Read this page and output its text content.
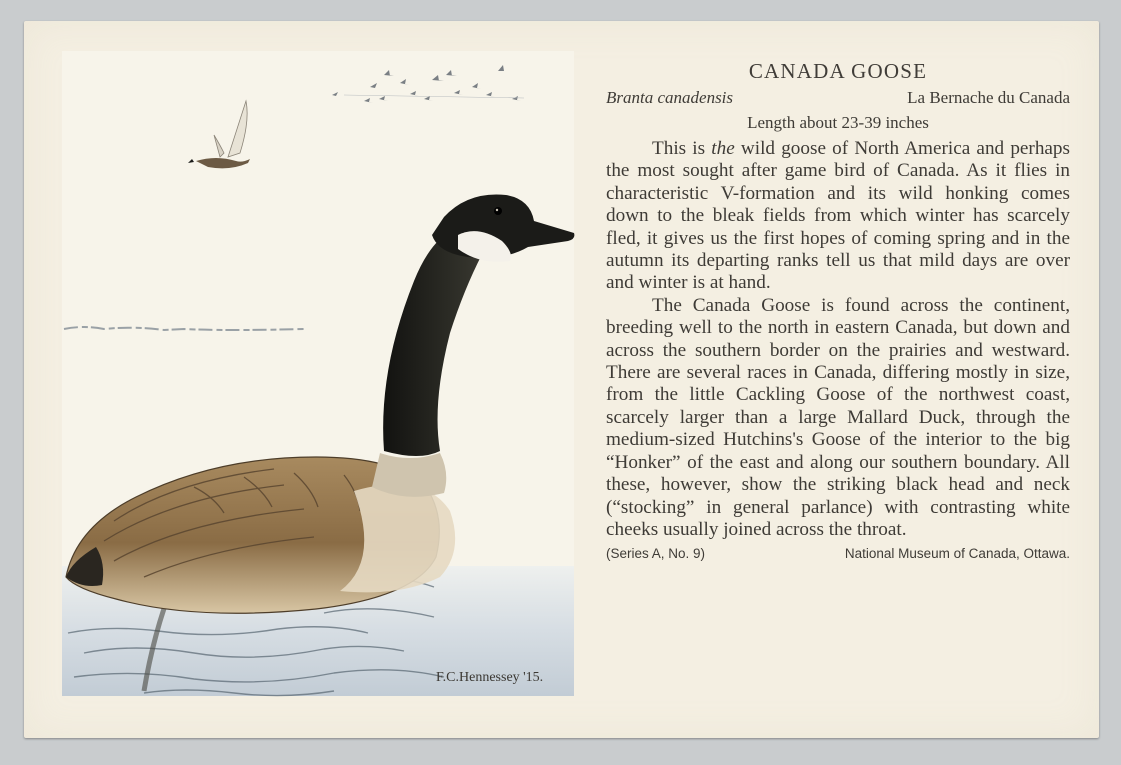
F.C.Hennessey '15.
CANADA GOOSE
Branta canadensis	La Bernache du Canada
Length about 23-39 inches

This is the wild goose of North America and perhaps the most sought after game bird of Canada. As it flies in characteristic V-formation and its wild honking comes down to the bleak fields from which winter has scarcely fled, it gives us the first hopes of coming spring and in the autumn its departing ranks tell us that mild days are over and winter is at hand.

The Canada Goose is found across the continent, breeding well to the north in eastern Canada, but down and across the southern border on the prairies and westward. There are several races in Canada, differing mostly in size, from the little Cackling Goose of the northwest coast, scarcely larger than a large Mallard Duck, through the medium-sized Hutchins's Goose of the interior to the big “Honker” of the east and along our southern boundary. All these, however, show the striking black head and neck (“stocking” in general parlance) with contrasting white cheeks usually joined across the throat.

(Series A, No. 9)	National Museum of Canada, Ottawa.
